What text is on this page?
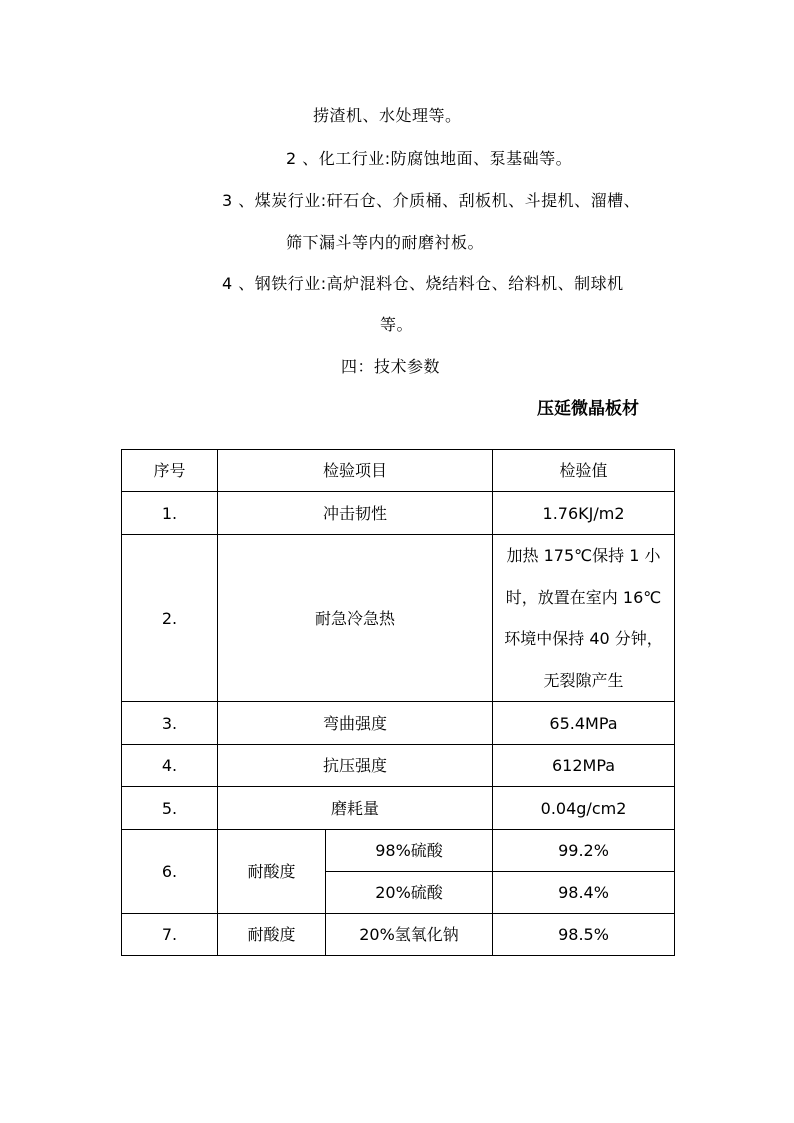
捞渣机、水处理等。
2 、化工行业:防腐蚀地面、泵基础等。
3 、煤炭行业:矸石仓、介质桶、刮板机、斗提机、溜槽、
筛下漏斗等内的耐磨衬板。
4 、钢铁行业:高炉混料仓、烧结料仓、给料机、制球机
等。
四：技术参数
压延微晶板材
序号	检验项目		检验值
1.	冲击韧性		1.76KJ/m2
2.	耐急冷急热		加热 175℃保持 1 小
时，放置在室内 16℃
环境中保持 40 分钟，
无裂隙产生

3.	弯曲强度		65.4MPa
4.	抗压强度		612MPa
5.	磨耗量		0.04g/cm2
6.	耐酸度	98%硫酸	99.2%
		20%硫酸	98.4%
7.	耐酸度	20%氢氧化钠	98.5%
